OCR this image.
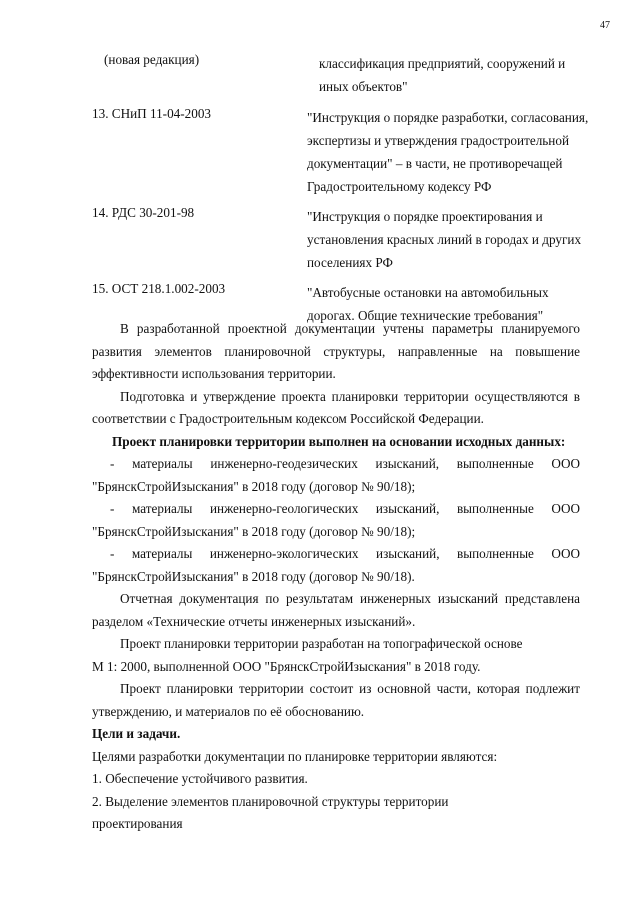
47
(новая редакция)	классификация предприятий, сооружений и иных объектов"
13. СНиП 11-04-2003	"Инструкция о порядке разработки, согласования, экспертизы и утверждения градостроительной документации" – в части, не противоречащей Градостроительному кодексу РФ
14. РДС 30-201-98	"Инструкция о порядке проектирования и установления красных линий в городах и других поселениях РФ
15. ОСТ 218.1.002-2003	"Автобусные остановки на автомобильных дорогах. Общие технические требования"

В разработанной проектной документации учтены параметры планируемого развития элементов планировочной структуры, направленные на повышение эффективности использования территории.

Подготовка и утверждение проекта планировки территории осуществляются в соответствии с Градостроительным кодексом Российской Федерации.

Проект планировки территории выполнен на основании исходных данных:

- материалы инженерно-геодезических изысканий, выполненные ООО "БрянскСтройИзыскания" в 2018 году (договор № 90/18);

- материалы инженерно-геологических изысканий, выполненные ООО "БрянскСтройИзыскания" в 2018 году (договор № 90/18);

- материалы инженерно-экологических изысканий, выполненные ООО "БрянскСтройИзыскания" в 2018 году (договор № 90/18).

Отчетная документация по результатам инженерных изысканий представлена разделом «Технические отчеты инженерных изысканий».

Проект планировки территории разработан на топографической основе

М 1: 2000, выполненной ООО "БрянскСтройИзыскания" в 2018 году.

Проект планировки территории состоит из основной части, которая подлежит утверждению, и материалов по её обоснованию.

Цели и задачи.

Целями разработки документации по планировке территории являются:

1. Обеспечение устойчивого развития.

2. Выделение элементов планировочной структуры территории

проектирования
